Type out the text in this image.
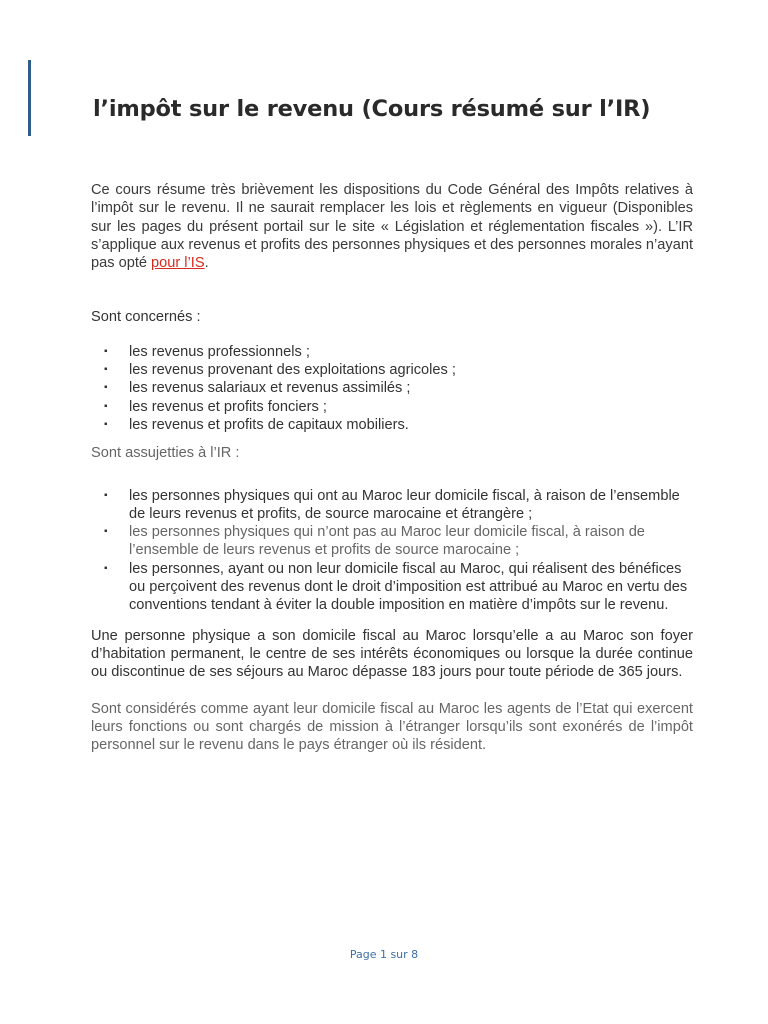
l’impôt sur le revenu (Cours résumé sur l’IR)

Ce cours résume très brièvement les dispositions du Code Général des Impôts relatives à l’impôt sur le revenu. Il ne saurait remplacer les lois et règlements en vigueur (Disponibles sur les pages du présent portail sur le site « Législation et réglementation fiscales »). L’IR s’applique aux revenus et profits des personnes physiques et des personnes morales n’ayant pas opté pour l’IS.

Sont concernés :

▪ les revenus professionnels ;
▪ les revenus provenant des exploitations agricoles ;
▪ les revenus salariaux et revenus assimilés ;
▪ les revenus et profits fonciers ;
▪ les revenus et profits de capitaux mobiliers.

Sont assujetties à l’IR :

▪ les personnes physiques qui ont au Maroc leur domicile fiscal, à raison de l’ensemble de leurs revenus et profits, de source marocaine et étrangère ;
▪ les personnes physiques qui n’ont pas au Maroc leur domicile fiscal, à raison de l’ensemble de leurs revenus et profits de source marocaine ;
▪ les personnes, ayant ou non leur domicile fiscal au Maroc, qui réalisent des bénéfices ou perçoivent des revenus dont le droit d’imposition est attribué au Maroc en vertu des conventions tendant à éviter la double imposition en matière d’impôts sur le revenu.

Une personne physique a son domicile fiscal au Maroc lorsqu’elle a au Maroc son foyer d’habitation permanent, le centre de ses intérêts économiques ou lorsque la durée continue ou discontinue de ses séjours au Maroc dépasse 183 jours pour toute période de 365 jours.

Sont considérés comme ayant leur domicile fiscal au Maroc les agents de l’Etat qui exercent leurs fonctions ou sont chargés de mission à l’étranger lorsqu’ils sont exonérés de l’impôt personnel sur le revenu dans le pays étranger où ils résident.

Page 1 sur 8
